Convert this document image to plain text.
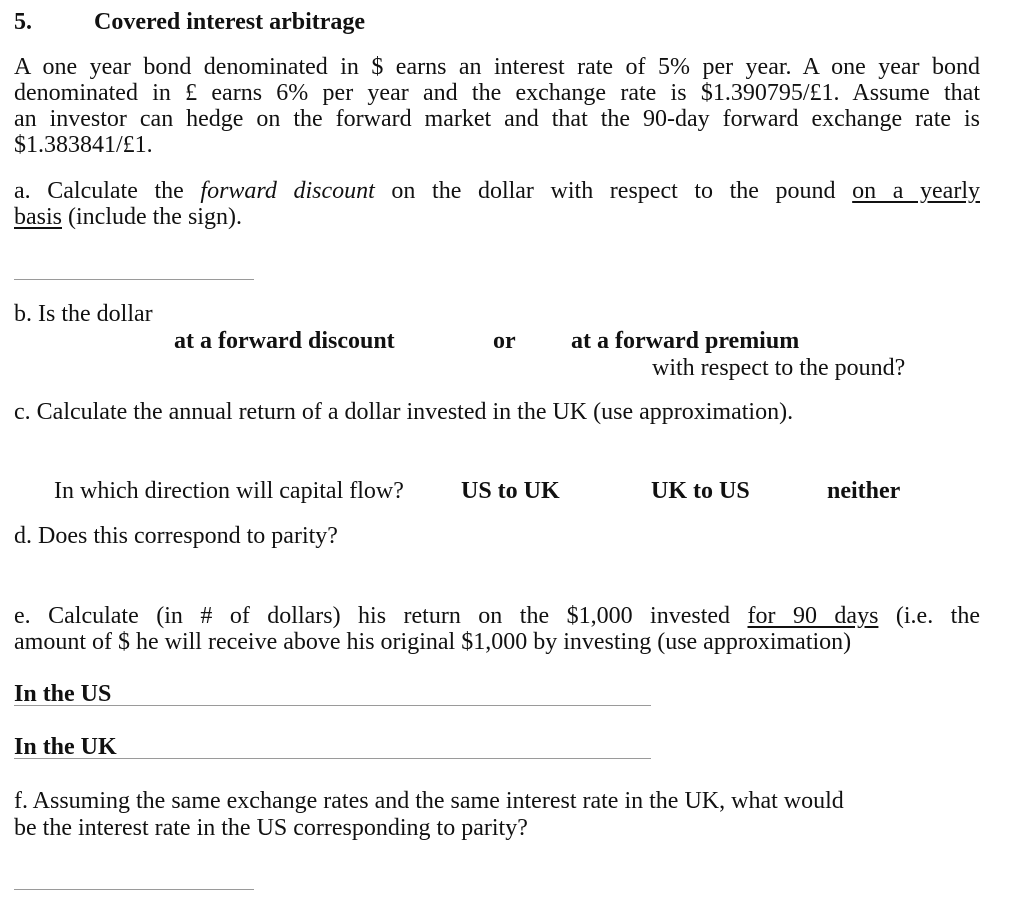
5.	Covered interest arbitrage
A one year bond denominated in $ earns an interest rate of 5% per year. A one year bond
denominated in £ earns 6% per year and the exchange rate is $1.390795/£1. Assume that
an investor can hedge on the forward market and that the 90-day forward exchange rate is
$1.383841/£1.
a. Calculate the forward discount on the dollar with respect to the pound on a yearly
basis (include the sign).
b. Is the dollar
at a forward discount	or at a forward premium
with respect to the pound?
c. Calculate the annual return of a dollar invested in the UK (use approximation).
In which direction will capital flow? US to UK	UK to US	neither
d. Does this correspond to parity?
e. Calculate (in # of dollars) his return on the $1,000 invested for 90 days (i.e. the
amount of $ he will receive above his original $1,000 by investing (use approximation)
In the US
In the UK
f. Assuming the same exchange rates and the same interest rate in the UK, what would
be the interest rate in the US corresponding to parity?
